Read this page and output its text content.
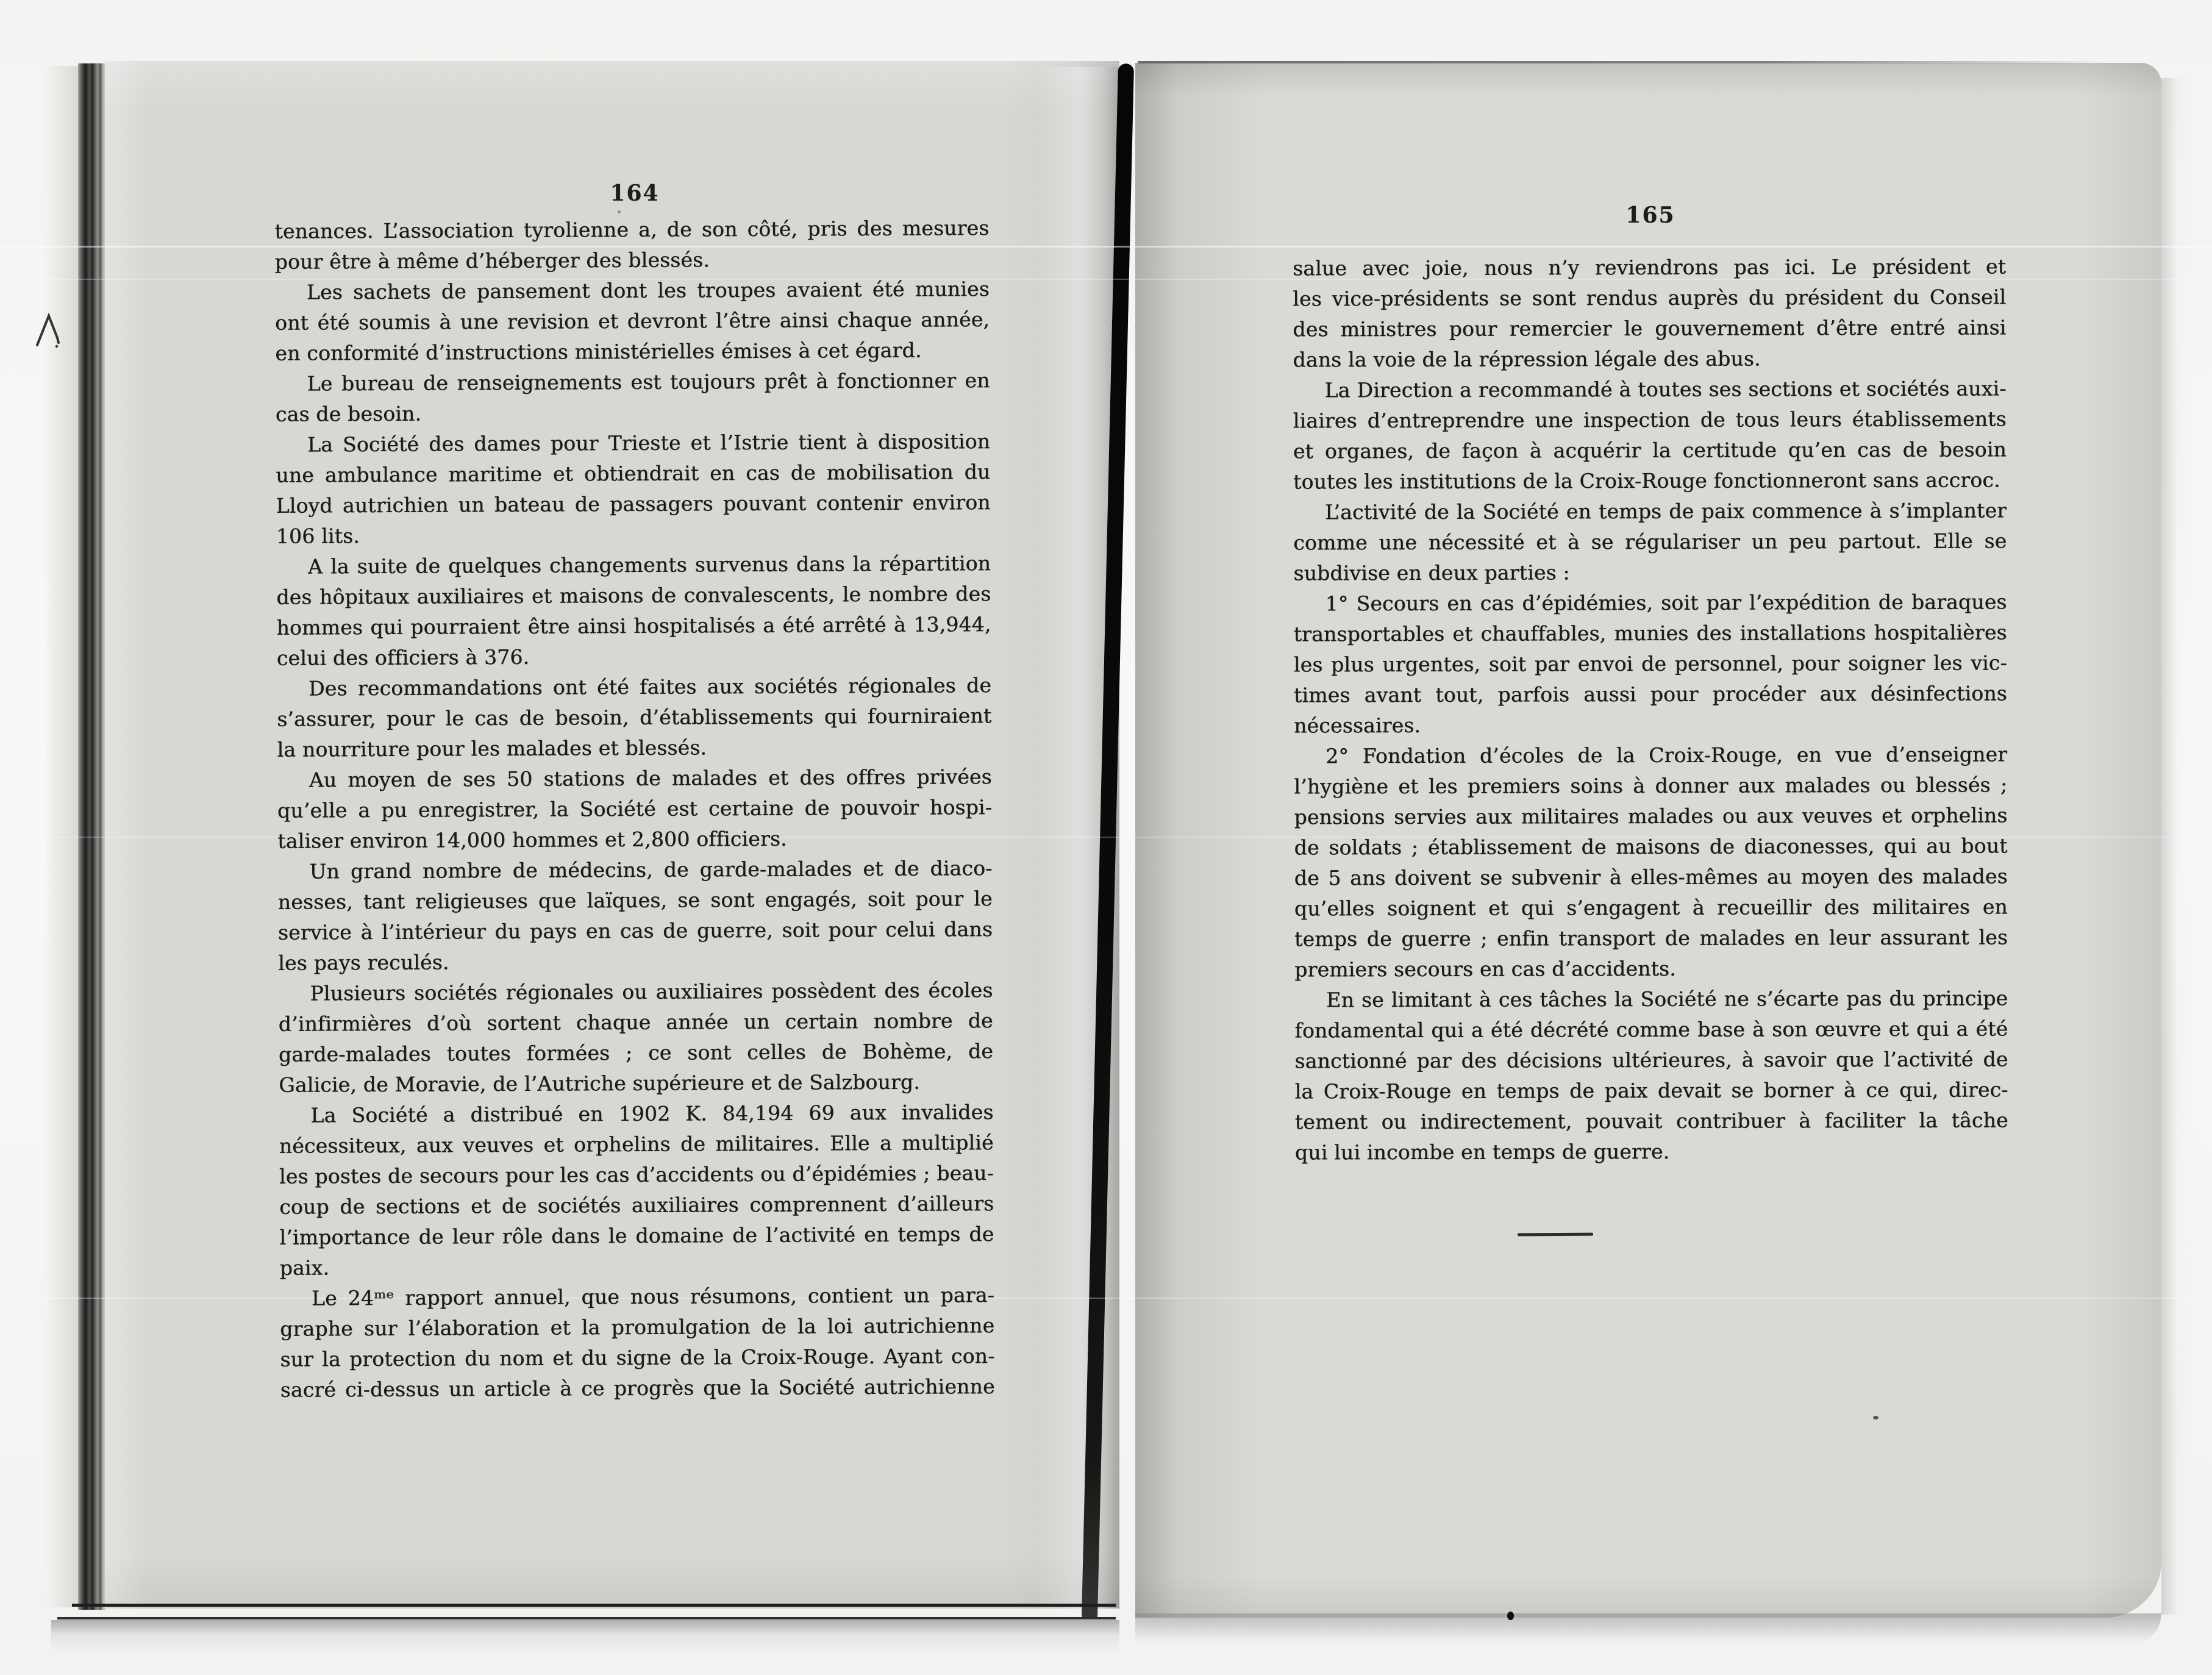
164
165
tenances. L’association tyrolienne a, de son côté, pris des mesures
pour être à même d’héberger des blessés.
Les sachets de pansement dont les troupes avaient été munies
ont été soumis à une revision et devront l’être ainsi chaque année,
en conformité d’instructions ministérielles émises à cet égard.
Le bureau de renseignements est toujours prêt à fonctionner en
cas de besoin.
La Société des dames pour Trieste et l’Istrie tient à disposition
une ambulance maritime et obtiendrait en cas de mobilisation du
Lloyd autrichien un bateau de passagers pouvant contenir environ
106 lits.
A la suite de quelques changements survenus dans la répartition
des hôpitaux auxiliaires et maisons de convalescents, le nombre des
hommes qui pourraient être ainsi hospitalisés a été arrêté à 13,944,
celui des officiers à 376.
Des recommandations ont été faites aux sociétés régionales de
s’assurer, pour le cas de besoin, d’établissements qui fourniraient
la nourriture pour les malades et blessés.
Au moyen de ses 50 stations de malades et des offres privées
qu’elle a pu enregistrer, la Société est certaine de pouvoir hospi-
taliser environ 14,000 hommes et 2,800 officiers.
Un grand nombre de médecins, de garde-malades et de diaco-
nesses, tant religieuses que laïques, se sont engagés, soit pour le
service à l’intérieur du pays en cas de guerre, soit pour celui dans
les pays reculés.
Plusieurs sociétés régionales ou auxiliaires possèdent des écoles
d’infirmières d’où sortent chaque année un certain nombre de
garde-malades toutes formées ; ce sont celles de Bohème, de
Galicie, de Moravie, de l’Autriche supérieure et de Salzbourg.
La Société a distribué en 1902 K. 84,194 69 aux invalides
nécessiteux, aux veuves et orphelins de militaires. Elle a multiplié
les postes de secours pour les cas d’accidents ou d’épidémies ; beau-
coup de sections et de sociétés auxiliaires comprennent d’ailleurs
l’importance de leur rôle dans le domaine de l’activité en temps de
paix.
Le 24ᵐᵉ rapport annuel, que nous résumons, contient un para-
graphe sur l’élaboration et la promulgation de la loi autrichienne
sur la protection du nom et du signe de la Croix-Rouge. Ayant con-
sacré ci-dessus un article à ce progrès que la Société autrichienne
salue avec joie, nous n’y reviendrons pas ici. Le président et
les vice-présidents se sont rendus auprès du président du Conseil
des ministres pour remercier le gouvernement d’être entré ainsi
dans la voie de la répression légale des abus.
La Direction a recommandé à toutes ses sections et sociétés auxi-
liaires d’entreprendre une inspection de tous leurs établissements
et organes, de façon à acquérir la certitude qu’en cas de besoin
toutes les institutions de la Croix-Rouge fonctionneront sans accroc.
L’activité de la Société en temps de paix commence à s’implanter
comme une nécessité et à se régulariser un peu partout. Elle se
subdivise en deux parties :
1° Secours en cas d’épidémies, soit par l’expédition de baraques
transportables et chauffables, munies des installations hospitalières
les plus urgentes, soit par envoi de personnel, pour soigner les vic-
times avant tout, parfois aussi pour procéder aux désinfections
nécessaires.
2° Fondation d’écoles de la Croix-Rouge, en vue d’enseigner
l’hygiène et les premiers soins à donner aux malades ou blessés ;
pensions servies aux militaires malades ou aux veuves et orphelins
de soldats ; établissement de maisons de diaconesses, qui au bout
de 5 ans doivent se subvenir à elles-mêmes au moyen des malades
qu’elles soignent et qui s’engagent à recueillir des militaires en
temps de guerre ; enfin transport de malades en leur assurant les
premiers secours en cas d’accidents.
En se limitant à ces tâches la Société ne s’écarte pas du principe
fondamental qui a été décrété comme base à son œuvre et qui a été
sanctionné par des décisions ultérieures, à savoir que l’activité de
la Croix-Rouge en temps de paix devait se borner à ce qui, direc-
tement ou indirectement, pouvait contribuer à faciliter la tâche
qui lui incombe en temps de guerre.
